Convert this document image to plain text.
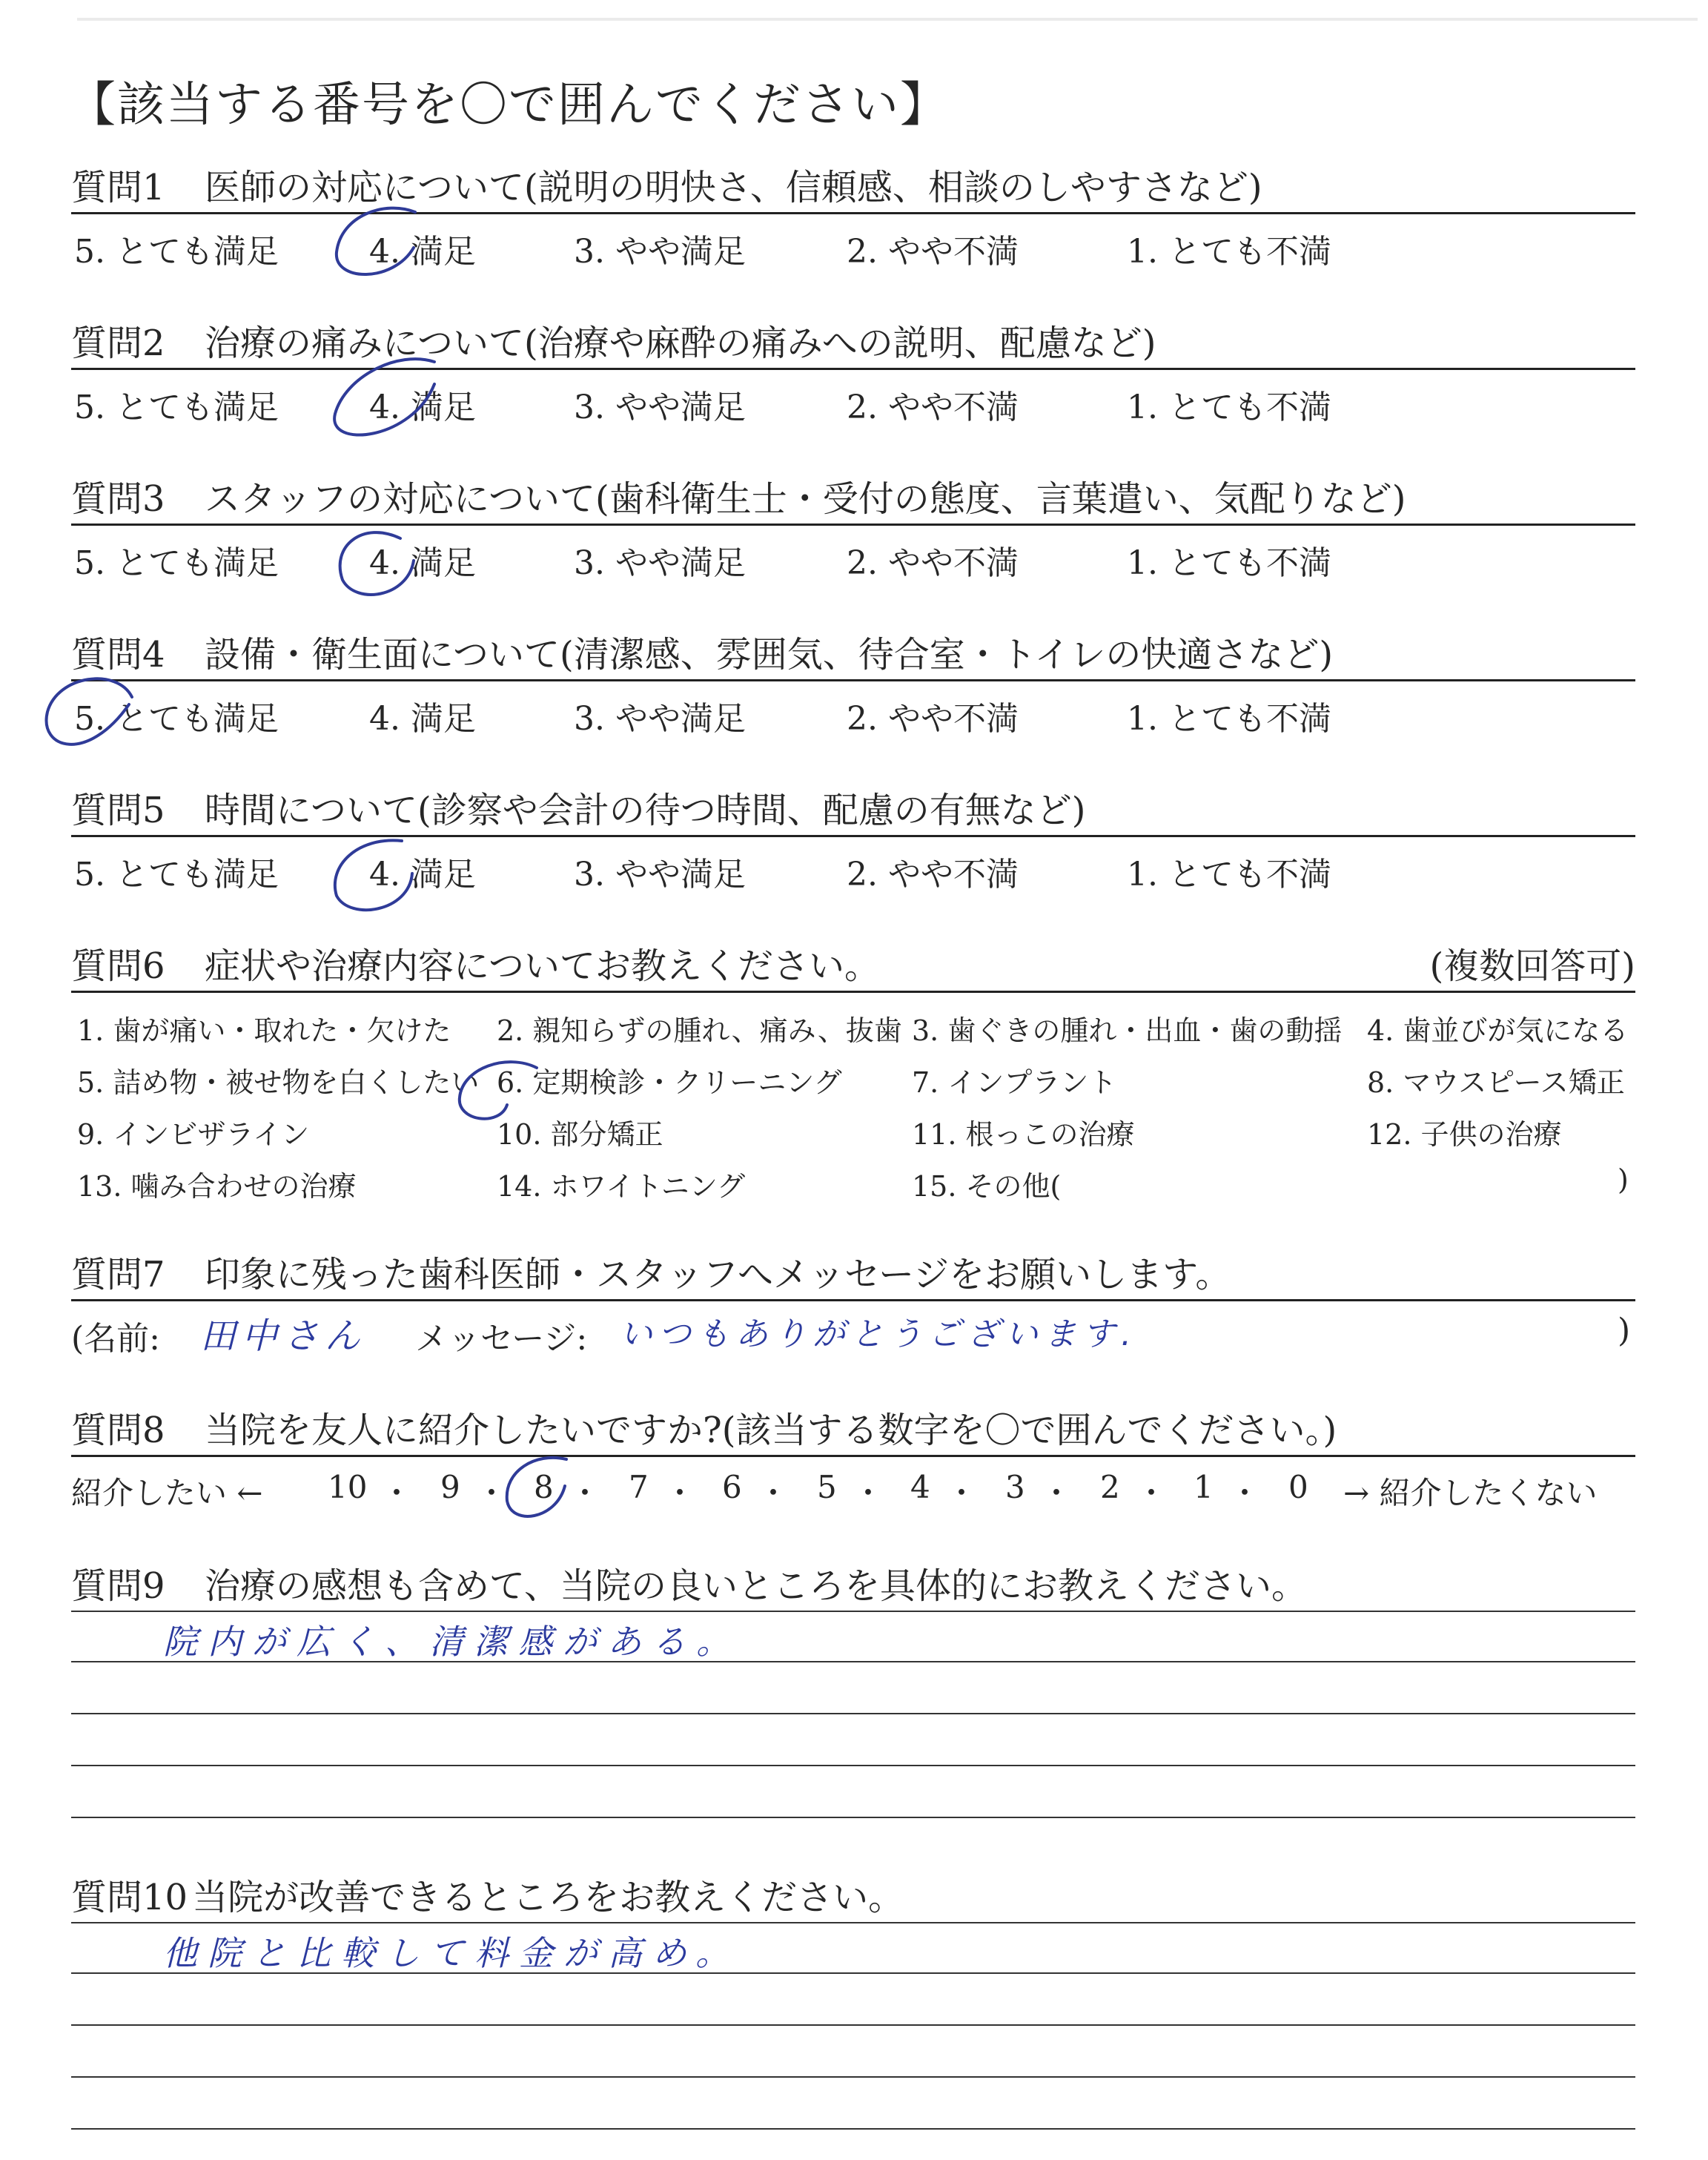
【該当する番号を〇で囲んでください】
質問1 医師の対応について(説明の明快さ、信頼感、相談のしやすさなど)
5. とても満足	4. 満足	3. やや満足	2. やや不満	1. とても不満
質問2 治療の痛みについて(治療や麻酔の痛みへの説明、配慮など)
5. とても満足	4. 満足	3. やや満足	2. やや不満	1. とても不満
質問3 スタッフの対応について(歯科衛生士・受付の態度、言葉遣い、気配りなど)
5. とても満足	4. 満足	3. やや満足	2. やや不満	1. とても不満
質問4 設備・衛生面について(清潔感、雰囲気、待合室・トイレの快適さなど)
5. とても満足	4. 満足	3. やや満足	2. やや不満	1. とても不満
質問5 時間について(診察や会計の待つ時間、配慮の有無など)
5. とても満足	4. 満足	3. やや満足	2. やや不満	1. とても不満
質問6 症状や治療内容についてお教えください。	(複数回答可)
1. 歯が痛い・取れた・欠けた 2. 親知らずの腫れ、痛み、抜歯 3. 歯ぐきの腫れ・出血・歯の動揺 4. 歯並びが気になる
5. 詰め物・被せ物を白くしたい 6. 定期検診・クリーニング 7. インプラント	8. マウスピース矯正
9. インビザライン	10. 部分矯正	11. 根っこの治療	12. 子供の治療
13. 噛み合わせの治療	14. ホワイトニング	15. その他(	)
質問7 印象に残った歯科医師・スタッフへメッセージをお願いします。
(名前: 田中さん メッセージ: いつもありがとうございます.	)
質問8 当院を友人に紹介したいですか?(該当する数字を〇で囲んでください。)
紹介したい ← 10 ・ 9 ・ 8 ・ 7 ・ 6 ・ 5 ・ 4 ・ 3 ・ 2 ・ 1 ・ 0 → 紹介したくない
質問9 治療の感想も含めて、当院の良いところを具体的にお教えください。
院内が広く、清潔感がある。
質問10 当院が改善できるところをお教えください。
他院と比較して料金が高め。
